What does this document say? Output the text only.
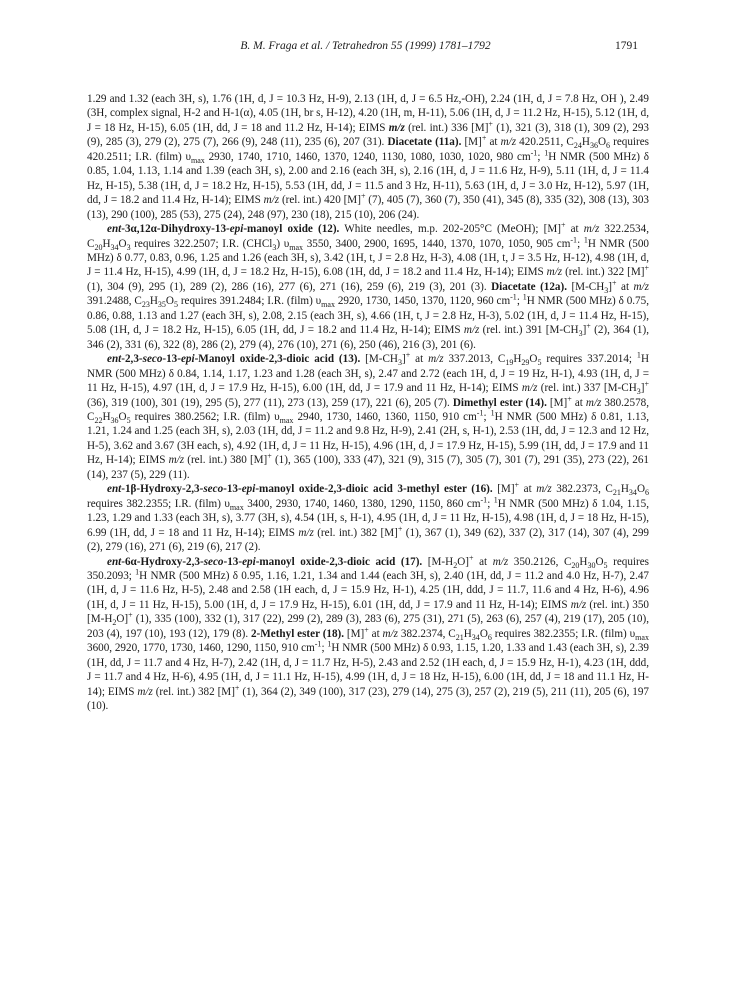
B. M. Fraga et al. / Tetrahedron 55 (1999) 1781–1792	1791

1.29 and 1.32 (each 3H, s), 1.76 (1H, d, J = 10.3 Hz, H-9), 2.13 (1H, d, J = 6.5 Hz,-OH), 2.24 (1H, d, J = 7.8 Hz, OH ), 2.49 (3H, complex signal, H-2 and H-1(α), 4.05 (1H, br s, H-12), 4.20 (1H, m, H-11), 5.06 (1H, d, J = 11.2 Hz, H-15), 5.12 (1H, d, J = 18 Hz, H-15), 6.05 (1H, dd, J = 18 and 11.2 Hz, H-14); EIMS m/z (rel. int.) 336 [M]+ (1), 321 (3), 318 (1), 309 (2), 293 (9), 285 (3), 279 (2), 275 (7), 266 (9), 248 (11), 235 (6), 207 (31). Diacetate (11a). [M]+ at m/z 420.2511, $C_{24}H_{36}O_6$ requires 420.2511; I.R. (film) $\upsilon_{max}$ 2930, 1740, 1710, 1460, 1370, 1240, 1130, 1080, 1030, 1020, 980 $cm^{-1}$; $^1$H NMR (500 MHz) δ 0.85, 1.04, 1.13, 1.14 and 1.39 (each 3H, s), 2.00 and 2.16 (each 3H, s), 2.16 (1H, d, J = 11.6 Hz, H-9), 5.11 (1H, d, J = 11.4 Hz, H-15), 5.38 (1H, d, J = 18.2 Hz, H-15), 5.53 (1H, dd, J = 11.5 and 3 Hz, H-11), 5.63 (1H, d, J = 3.0 Hz, H-12), 5.97 (1H, dd, J = 18.2 and 11.4 Hz, H-14); EIMS m/z (rel. int.) 420 [M]+ (7), 405 (7), 360 (7), 350 (41), 345 (8), 335 (32), 308 (13), 303 (13), 290 (100), 285 (53), 275 (24), 248 (97), 230 (18), 215 (10), 206 (24).

ent-3α,12α-Dihydroxy-13-epi-manoyl oxide (12). White needles, m.p. 202-205°C (MeOH); [M]+ at m/z 322.2534, $C_{20}H_{34}O_3$ requires 322.2507; I.R. (CHCl$_3$) $\upsilon_{max}$ 3550, 3400, 2900, 1695, 1440, 1370, 1070, 1050, 905 $cm^{-1}$; $^1$H NMR (500 MHz) δ 0.77, 0.83, 0.96, 1.25 and 1.26 (each 3H, s), 3.42 (1H, t, J = 2.8 Hz, H-3), 4.08 (1H, t, J = 3.5 Hz, H-12), 4.98 (1H, d, J = 11.4 Hz, H-15), 4.99 (1H, d, J = 18.2 Hz, H-15), 6.08 (1H, dd, J = 18.2 and 11.4 Hz, H-14); EIMS m/z (rel. int.) 322 [M]+ (1), 304 (9), 295 (1), 289 (2), 286 (16), 277 (6), 271 (16), 259 (6), 219 (3), 201 (3). Diacetate (12a). $[M-CH_3]^+$ at m/z 391.2488, $C_{23}H_{35}O_5$ requires 391.2484; I.R. (film) $\upsilon_{max}$ 2920, 1730, 1450, 1370, 1120, 960 $cm^{-1}$; $^1$H NMR (500 MHz) δ 0.75, 0.86, 0.88, 1.13 and 1.27 (each 3H, s), 2.08, 2.15 (each 3H, s), 4.66 (1H, t, J = 2.8 Hz, H-3), 5.02 (1H, d, J = 11.4 Hz, H-15), 5.08 (1H, d, J = 18.2 Hz, H-15), 6.05 (1H, dd, J = 18.2 and 11.4 Hz, H-14); EIMS m/z (rel. int.) 391 $[M-CH_3]^+$ (2), 364 (1), 346 (2), 331 (6), 322 (8), 286 (2), 279 (4), 276 (10), 271 (6), 250 (46), 216 (3), 201 (6).

ent-2,3-seco-13-epi-Manoyl oxide-2,3-dioic acid (13). $[M-CH_3]^+$ at m/z 337.2013, $C_{19}H_{29}O_5$ requires 337.2014; $^1$H NMR (500 MHz) δ 0.84, 1.14, 1.17, 1.23 and 1.28 (each 3H, s), 2.47 and 2.72 (each 1H, d, J = 19 Hz, H-1), 4.93 (1H, d, J = 11 Hz, H-15), 4.97 (1H, d, J = 17.9 Hz, H-15), 6.00 (1H, dd, J = 17.9 and 11 Hz, H-14); EIMS m/z (rel. int.) 337 $[M-CH_3]^+$ (36), 319 (100), 301 (19), 295 (5), 277 (11), 273 (13), 259 (17), 221 (6), 205 (7). Dimethyl ester (14). [M]+ at m/z 380.2578, $C_{22}H_{36}O_5$ requires 380.2562; I.R. (film) $\upsilon_{max}$ 2940, 1730, 1460, 1360, 1150, 910 $cm^{-1}$; $^1$H NMR (500 MHz) δ 0.81, 1.13, 1.21, 1.24 and 1.25 (each 3H, s), 2.03 (1H, dd, J = 11.2 and 9.8 Hz, H-9), 2.41 (2H, s, H-1), 2.53 (1H, dd, J = 12.3 and 12 Hz, H-5), 3.62 and 3.67 (3H each, s), 4.92 (1H, d, J = 11 Hz, H-15), 4.96 (1H, d, J = 17.9 Hz, H-15), 5.99 (1H, dd, J = 17.9 and 11 Hz, H-14); EIMS m/z (rel. int.) 380 [M]+ (1), 365 (100), 333 (47), 321 (9), 315 (7), 305 (7), 301 (7), 291 (35), 273 (22), 261 (14), 237 (5), 229 (11).

ent-1β-Hydroxy-2,3-seco-13-epi-manoyl oxide-2,3-dioic acid 3-methyl ester (16). [M]+ at m/z 382.2373, $C_{21}H_{34}O_6$ requires 382.2355; I.R. (film) $\upsilon_{max}$ 3400, 2930, 1740, 1460, 1380, 1290, 1150, 860 $cm^{-1}$; $^1$H NMR (500 MHz) δ 1.04, 1.15, 1.23, 1.29 and 1.33 (each 3H, s), 3.77 (3H, s), 4.54 (1H, s, H-1), 4.95 (1H, d, J = 11 Hz, H-15), 4.98 (1H, d, J = 18 Hz, H-15), 6.99 (1H, dd, J = 18 and 11 Hz, H-14); EIMS m/z (rel. int.) 382 [M]+ (1), 367 (1), 349 (62), 337 (2), 317 (14), 307 (4), 299 (2), 279 (16), 271 (6), 219 (6), 217 (2).

ent-6α-Hydroxy-2,3-seco-13-epi-manoyl oxide-2,3-dioic acid (17). $[M-H_2O]^+$ at m/z 350.2126, $C_{20}H_{30}O_5$ requires 350.2093; $^1$H NMR (500 MHz) δ 0.95, 1.16, 1.21, 1.34 and 1.44 (each 3H, s), 2.40 (1H, dd, J = 11.2 and 4.0 Hz, H-7), 2.47 (1H, d, J = 11.6 Hz, H-5), 2.48 and 2.58 (1H each, d, J = 15.9 Hz, H-1), 4.25 (1H, ddd, J = 11.7, 11.6 and 4 Hz, H-6), 4.96 (1H, d, J = 11 Hz, H-15), 5.00 (1H, d, J = 17.9 Hz, H-15), 6.01 (1H, dd, J = 17.9 and 11 Hz, H-14); EIMS m/z (rel. int.) 350 $[M-H_2O]^+$ (1), 335 (100), 332 (1), 317 (22), 299 (2), 289 (3), 283 (6), 275 (31), 271 (5), 263 (6), 257 (4), 219 (17), 205 (10), 203 (4), 197 (10), 193 (12), 179 (8). 2-Methyl ester (18). [M]+ at m/z 382.2374, $C_{21}H_{34}O_6$ requires 382.2355; I.R. (film) $\upsilon_{max}$ 3600, 2920, 1770, 1730, 1460, 1290, 1150, 910 $cm^{-1}$; $^1$H NMR (500 MHz) δ 0.93, 1.15, 1.20, 1.33 and 1.43 (each 3H, s), 2.39 (1H, dd, J = 11.7 and 4 Hz, H-7), 2.42 (1H, d, J = 11.7 Hz, H-5), 2.43 and 2.52 (1H each, d, J = 15.9 Hz, H-1), 4.23 (1H, ddd, J = 11.7 and 4 Hz, H-6), 4.95 (1H, d, J = 11.1 Hz, H-15), 4.99 (1H, d, J = 18 Hz, H-15), 6.00 (1H, dd, J = 18 and 11.1 Hz, H-14); EIMS m/z (rel. int.) 382 [M]+ (1), 364 (2), 349 (100), 317 (23), 279 (14), 275 (3), 257 (2), 219 (5), 211 (11), 205 (6), 197 (10).
